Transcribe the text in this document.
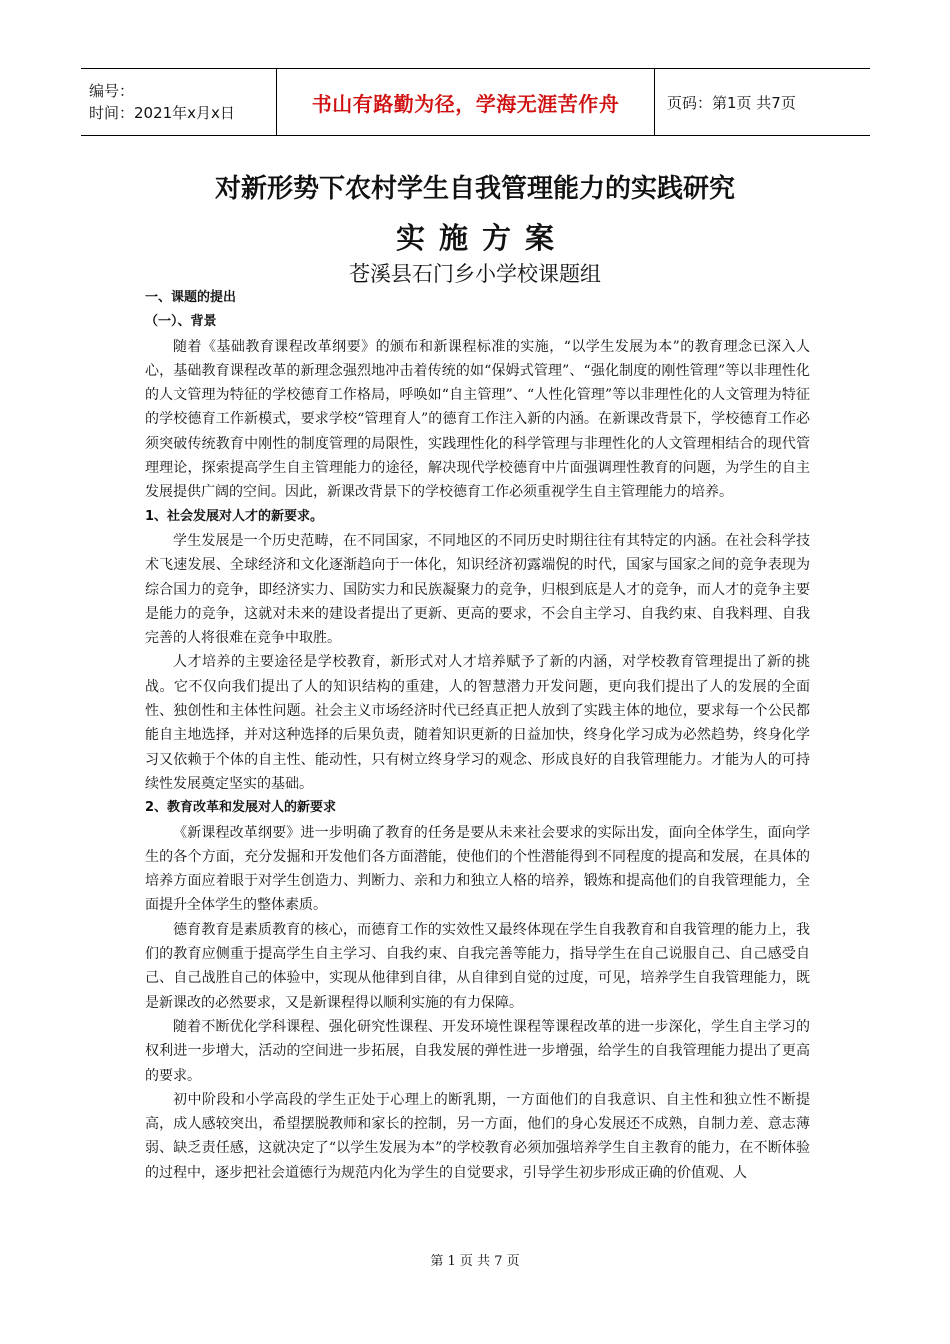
编号：
时间：2021年x月x日	书山有路勤为径，学海无涯苦作舟	页码：第1页 共7页
对新形势下农村学生自我管理能力的实践研究
实施方案
苍溪县石门乡小学校课题组

一、课题的提出

（一）、背景

随着《基础教育课程改革纲要》的颁布和新课程标准的实施，“以学生发展为本”的教育理念已深入人心，基础教育课程改革的新理念强烈地冲击着传统的如“保姆式管理”、“强化制度的刚性管理”等以非理性化的人文管理为特征的学校德育工作格局，呼唤如“自主管理”、“人性化管理”等以非理性化的人文管理为特征的学校德育工作新模式，要求学校“管理育人”的德育工作注入新的内涵。在新课改背景下，学校德育工作必须突破传统教育中刚性的制度管理的局限性，实践理性化的科学管理与非理性化的人文管理相结合的现代管理理论，探索提高学生自主管理能力的途径，解决现代学校德育中片面强调理性教育的问题，为学生的自主发展提供广阔的空间。因此，新课改背景下的学校德育工作必须重视学生自主管理能力的培养。

1、社会发展对人才的新要求。

学生发展是一个历史范畴，在不同国家，不同地区的不同历史时期往往有其特定的内涵。在社会科学技术飞速发展、全球经济和文化逐渐趋向于一体化，知识经济初露端倪的时代，国家与国家之间的竞争表现为综合国力的竞争，即经济实力、国防实力和民族凝聚力的竞争，归根到底是人才的竞争，而人才的竞争主要是能力的竞争，这就对未来的建设者提出了更新、更高的要求，不会自主学习、自我约束、自我料理、自我完善的人将很难在竞争中取胜。

人才培养的主要途径是学校教育，新形式对人才培养赋予了新的内涵，对学校教育管理提出了新的挑战。它不仅向我们提出了人的知识结构的重建，人的智慧潜力开发问题，更向我们提出了人的发展的全面性、独创性和主体性问题。社会主义市场经济时代已经真正把人放到了实践主体的地位，要求每一个公民都能自主地选择，并对这种选择的后果负责，随着知识更新的日益加快，终身化学习成为必然趋势，终身化学习又依赖于个体的自主性、能动性，只有树立终身学习的观念、形成良好的自我管理能力。才能为人的可持续性发展奠定坚实的基础。

2、教育改革和发展对人的新要求

《新课程改革纲要》进一步明确了教育的任务是要从未来社会要求的实际出发，面向全体学生，面向学生的各个方面，充分发掘和开发他们各方面潜能，使他们的个性潜能得到不同程度的提高和发展，在具体的培养方面应着眼于对学生创造力、判断力、亲和力和独立人格的培养，锻炼和提高他们的自我管理能力，全面提升全体学生的整体素质。

德育教育是素质教育的核心，而德育工作的实效性又最终体现在学生自我教育和自我管理的能力上，我们的教育应侧重于提高学生自主学习、自我约束、自我完善等能力，指导学生在自己说服自己、自己感受自己、自己战胜自己的体验中，实现从他律到自律，从自律到自觉的过度，可见，培养学生自我管理能力，既是新课改的必然要求，又是新课程得以顺利实施的有力保障。

随着不断优化学科课程、强化研究性课程、开发环境性课程等课程改革的进一步深化，学生自主学习的权利进一步增大，活动的空间进一步拓展，自我发展的弹性进一步增强，给学生的自我管理能力提出了更高的要求。

初中阶段和小学高段的学生正处于心理上的断乳期，一方面他们的自我意识、自主性和独立性不断提高，成人感较突出，希望摆脱教师和家长的控制，另一方面，他们的身心发展还不成熟，自制力差、意志薄弱、缺乏责任感，这就决定了“以学生发展为本”的学校教育必须加强培养学生自主教育的能力，在不断体验的过程中，逐步把社会道德行为规范内化为学生的自觉要求，引导学生初步形成正确的价值观、人

第 1 页 共 7 页
